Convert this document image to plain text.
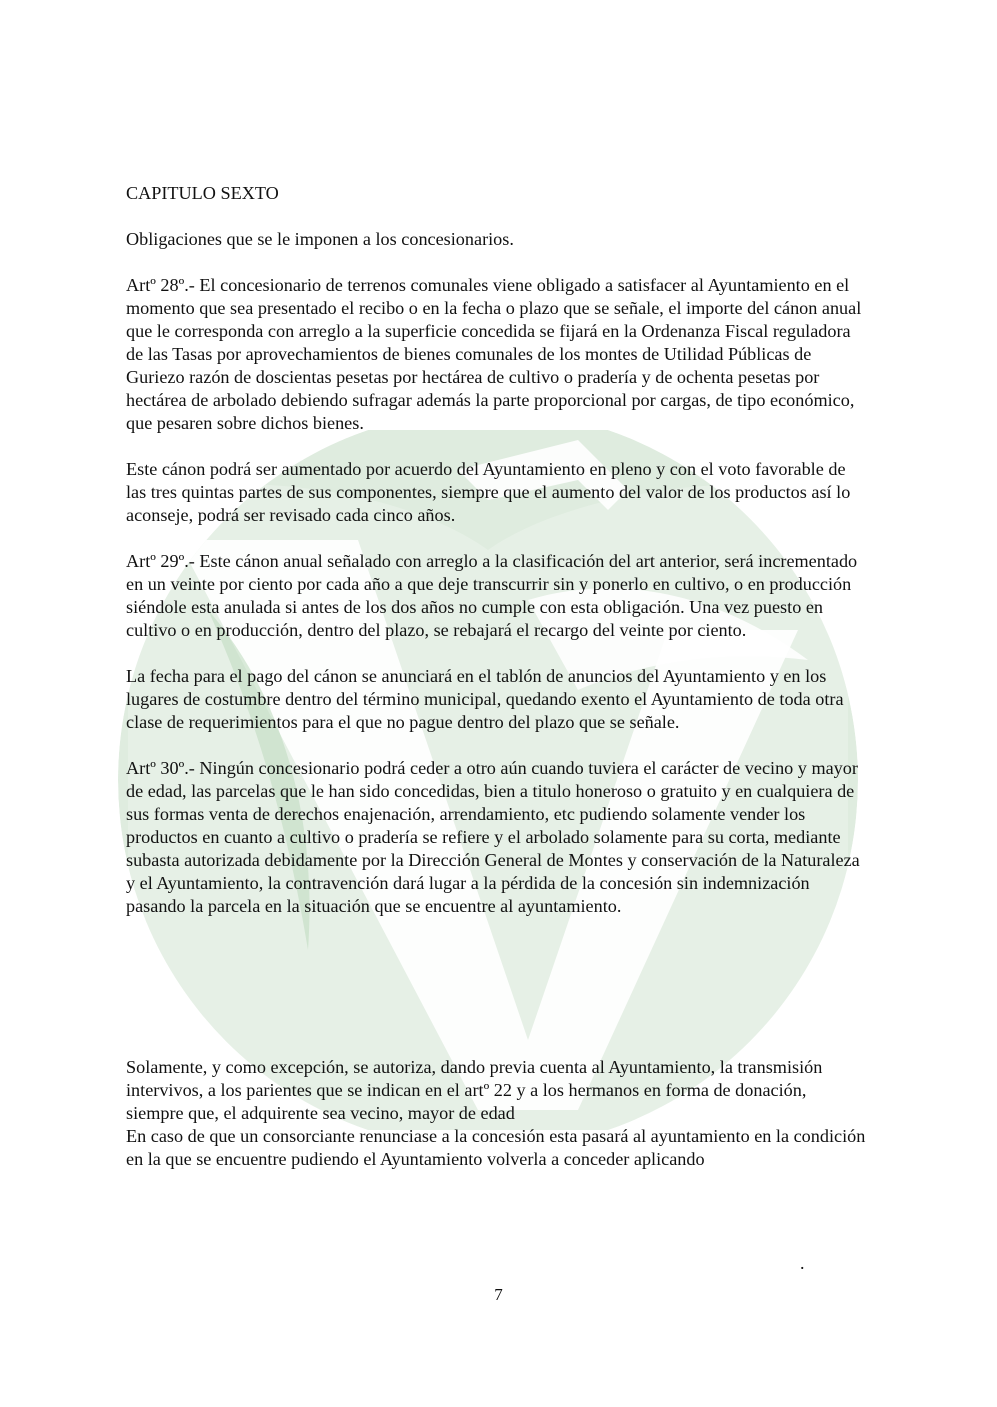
CAPITULO SEXTO

Obligaciones que se le imponen a los concesionarios.

Artº 28º.- El concesionario de terrenos comunales viene obligado a satisfacer al Ayuntamiento en el momento que sea presentado el recibo o en la fecha o plazo que se señale, el importe del cánon anual que le corresponda con arreglo a la superficie concedida se fijará en la Ordenanza Fiscal reguladora de las Tasas por aprovechamientos de bienes comunales de los montes de Utilidad Públicas de Guriezo razón de doscientas pesetas por hectárea de cultivo o pradería y de ochenta pesetas por hectárea de arbolado debiendo sufragar además la parte proporcional por cargas, de tipo económico, que pesaren sobre dichos bienes.

Este cánon podrá ser aumentado por acuerdo del Ayuntamiento en pleno y con el voto favorable de las tres quintas partes de sus componentes, siempre que el aumento del valor de los productos así lo aconseje, podrá ser revisado cada cinco años.

Artº 29º.- Este cánon anual señalado con arreglo a la clasificación del art anterior, será incrementado en un veinte por ciento por cada año a que deje transcurrir sin y ponerlo en cultivo, o en producción siéndole esta anulada si antes de los dos años no cumple con esta obligación. Una vez puesto en cultivo o en producción, dentro del plazo, se rebajará el recargo del veinte por ciento.

La fecha para el pago del cánon se anunciará en el tablón de anuncios del Ayuntamiento y en los lugares de costumbre dentro del término municipal, quedando exento el Ayuntamiento de toda otra clase de requerimientos para el que no pague dentro del plazo que se señale.

Artº 30º.- Ningún concesionario podrá ceder a otro aún cuando tuviera el carácter de vecino y mayor de edad, las parcelas que le han sido concedidas, bien a titulo honeroso o gratuito y en cualquiera de sus formas venta de derechos enajenación, arrendamiento, etc pudiendo solamente vender los productos en cuanto a cultivo o pradería se refiere y el arbolado solamente para su corta, mediante subasta autorizada debidamente por la Dirección General de Montes y conservación de la Naturaleza y el Ayuntamiento, la contravención dará lugar a la pérdida de la concesión sin indemnización pasando la parcela en la situación que se encuentre al ayuntamiento.

Solamente, y como excepción, se autoriza, dando previa cuenta al Ayuntamiento, la transmisión intervivos, a los parientes que se indican en el artº 22 y a los hermanos en forma de donación, siempre que, el adquirente sea vecino, mayor de edad

En caso de que un consorciante renunciase a la concesión esta pasará al ayuntamiento en la condición en la que se encuentre pudiendo el Ayuntamiento volverla a conceder aplicando

.
7
